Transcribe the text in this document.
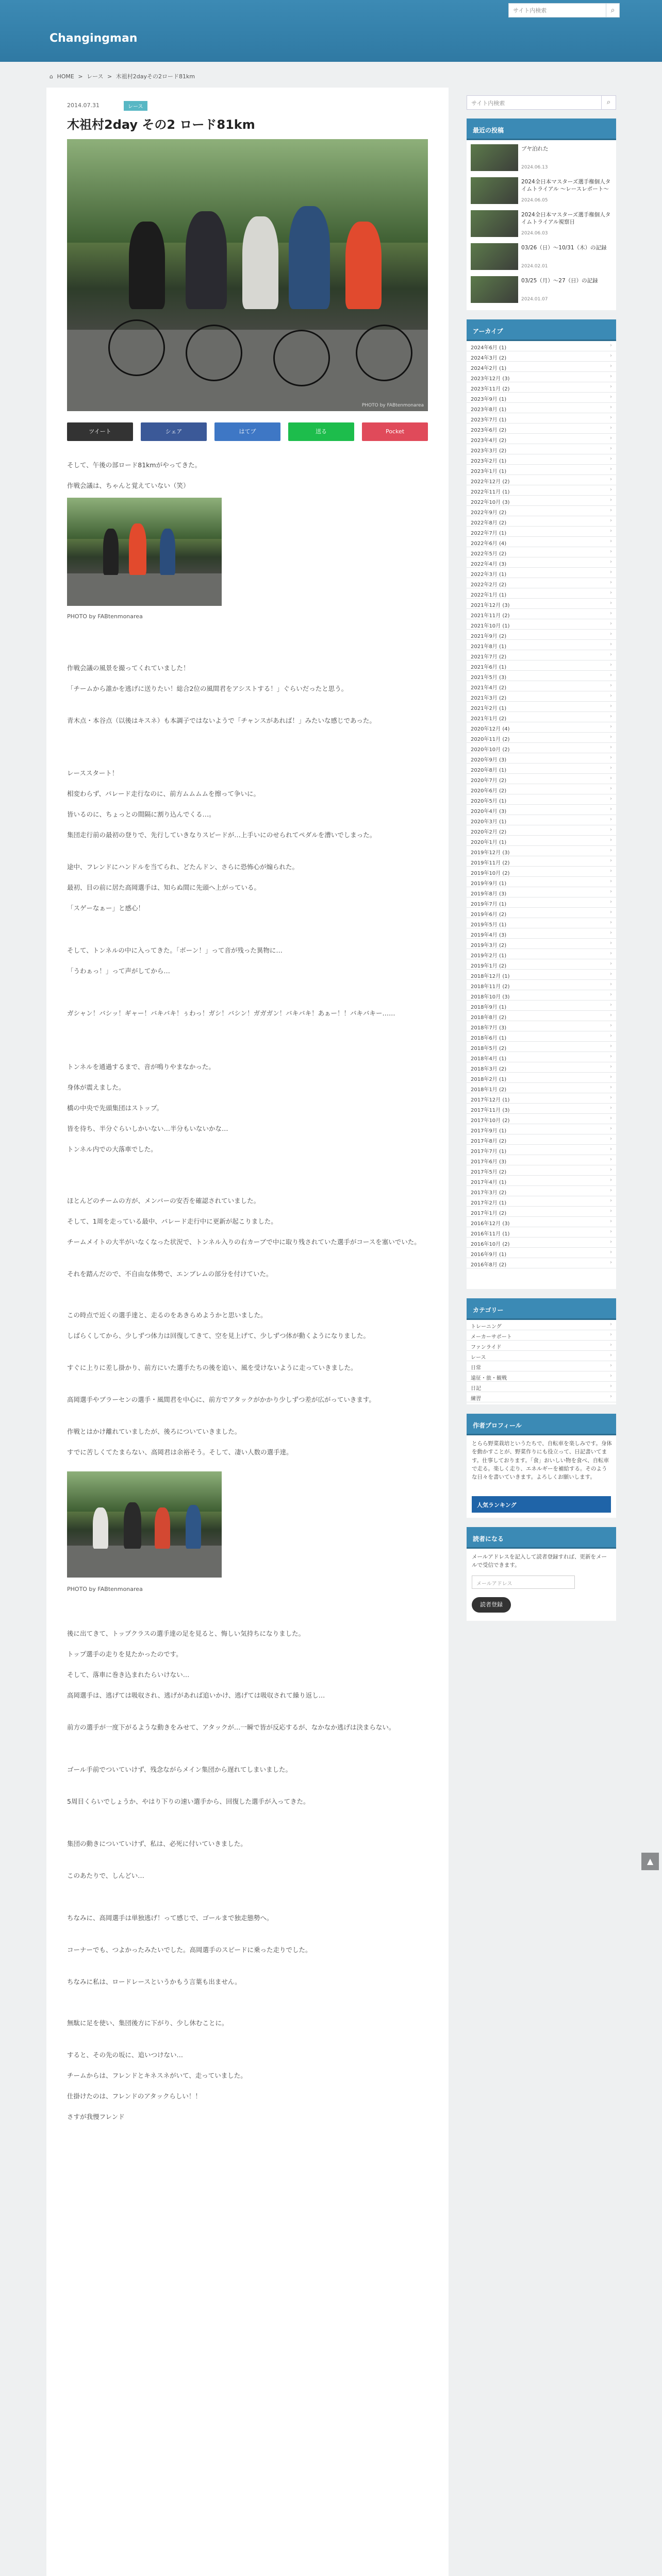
Changingman
サイト内検索	⌕
⌂ HOME > レース > 木祖村2dayその2ロード81km
2014.07.31	レース
木祖村2day その2 ロード81km
PHOTO by FABtenmonarea
ツイート	シェア	はてブ	送る	Pocket
そして、午後の部ロード81kmがやってきた。
作戦会議は、ちゃんと覚えていない（笑）
PHOTO by FABtenmonarea
作戦会議の風景を撮ってくれていました！
「チームから誰かを逃げに送りたい！総合2位の風間君をアシストする！」ぐらいだったと思う。
青木点・本谷点（以後はキスネ）も本調子ではないようで「チャンスがあれば！」みたいな感じであった。
レーススタート！
相変わらず、パレード走行なのに、前方ムムムムを擦って争いに。
皆いるのに、ちょっとの間隔に割り込んでくる…。
集団走行前の最初の登りで、先行していきなりスピードが…上手いにのせられてペダルを漕いでしまった。
途中、フレンドにハンドルを当てられ、どたんドン、さらに恐怖心が煽られた。
最初、目の前に居た高岡選手は、知らぬ間に先頭へ上がっている。
「スゲーなぁー」と感心！
そして、トンネルの中に入ってきた。「ボーン！」って音が残った異物に…
「うわぁっ！」って声がしてから…
ガシャン！バシッ！ギャー！バキバキ！ぅわっ！ガシ！バシン！ガガガン！バキバキ！あぁー！！バキバキー……
トンネルを通過するまで、音が鳴りやまなかった。
身体が震えました。
橋の中央で先頭集団はストップ。
皆を待ち、半分ぐらいしかいない…半分もいないかな…
トンネル内での大落車でした。
ほとんどのチームの方が、メンバーの安否を確認されていました。
そして、1周を走っている最中、パレード走行中に更新が起こりました。
チームメイトの大半がいなくなった状況で、トンネル入りの右カーブで中に取り残されていた選手がコースを塞いでいた。
それを踏んだので、不自由な体勢で、エンブレムの部分を付けていた。
この時点で近くの選手達と、走るのをあきらめようかと思いました。
しばらくしてから、少しずつ体力は回復してきて、空を見上げて、少しずつ体が動くようになりました。
すぐに上りに差し掛かり、前方にいた選手たちの後を追い、風を受けないように走っていきました。
高岡選手やブラーセンの選手・風間君を中心に、前方でアタックがかかり少しずつ差が広がっていきます。
作戦とはかけ離れていましたが、後ろについていきました。
すでに苦しくてたまらない、高岡君は余裕そう。そして、凄い人数の選手達。
PHOTO by FABtenmonarea
後に出てきて、トップクラスの選手達の足を見ると、悔しい気持ちになりました。
トップ選手の走りを見たかったのです。
そして、落車に巻き込まれたらいけない…
高岡選手は、逃げては吸収され、逃げがあれば追いかけ、逃げては吸収されて繰り返し…
前方の選手が一度下がるような動きをみせて、アタックが…一瞬で皆が反応するが、なかなか逃げは決まらない。
ゴール手前でついていけず、残念ながらメイン集団から遅れてしまいました。
5周目くらいでしょうか、やはり下りの速い選手から、回復した選手が入ってきた。
集団の動きについていけず、私は、必死に付いていきました。
このあたりで、しんどい…
ちなみに、高岡選手は単独逃げ！って感じで、ゴールまで独走態勢へ。
コーナーでも、つよかったみたいでした。高岡選手のスピードに乗った走りでした。
ちなみに私は、ロードレースというかもう言葉も出ません。
無駄に足を使い、集団後方に下がり、少し休むことに。
すると、その先の坂に、追いつけない…
チームからは、フレンドとキネスネがいて、走っていました。
仕掛けたのは、フレンドのアタックらしい！！
さすが我慢フレンド
サイト内検索	⌕
最近の投稿
ブヤ泊れた
2024.06.13
2024全日本マスターズ選手権個人タイムトライアル ～レースレポート～
2024.06.05
2024全日本マスターズ選手権個人タイムトライアル視察日
2024.06.03
03/26（日）〜10/31（木）の記録
2024.02.01
03/25（月）〜27（日）の記録
2024.01.07
アーカイブ
2024年6月 (1)	›
2024年3月 (2)	›
2024年2月 (1)	›
2023年12月 (3)	›
2023年11月 (2)	›
2023年9月 (1)	›
2023年8月 (1)	›
2023年7月 (1)	›
2023年6月 (2)	›
2023年4月 (2)	›
2023年3月 (2)	›
2023年2月 (1)	›
2023年1月 (1)	›
2022年12月 (2)	›
2022年11月 (1)	›
2022年10月 (3)	›
2022年9月 (2)	›
2022年8月 (2)	›
2022年7月 (1)	›
2022年6月 (4)	›
2022年5月 (2)	›
2022年4月 (3)	›
2022年3月 (1)	›
2022年2月 (2)	›
2022年1月 (1)	›
2021年12月 (3)	›
2021年11月 (2)	›
2021年10月 (1)	›
2021年9月 (2)	›
2021年8月 (1)	›
2021年7月 (2)	›
2021年6月 (1)	›
2021年5月 (3)	›
2021年4月 (2)	›
2021年3月 (2)	›
2021年2月 (1)	›
2021年1月 (2)	›
2020年12月 (4)	›
2020年11月 (2)	›
2020年10月 (2)	›
2020年9月 (3)	›
2020年8月 (1)	›
2020年7月 (2)	›
2020年6月 (2)	›
2020年5月 (1)	›
2020年4月 (3)	›
2020年3月 (1)	›
2020年2月 (2)	›
2020年1月 (1)	›
2019年12月 (3)	›
2019年11月 (2)	›
2019年10月 (2)	›
2019年9月 (1)	›
2019年8月 (3)	›
2019年7月 (1)	›
2019年6月 (2)	›
2019年5月 (1)	›
2019年4月 (3)	›
2019年3月 (2)	›
2019年2月 (1)	›
2019年1月 (2)	›
2018年12月 (1)	›
2018年11月 (2)	›
2018年10月 (3)	›
2018年9月 (1)	›
2018年8月 (2)	›
2018年7月 (3)	›
2018年6月 (1)	›
2018年5月 (2)	›
2018年4月 (1)	›
2018年3月 (2)	›
2018年2月 (1)	›
2018年1月 (2)	›
2017年12月 (1)	›
2017年11月 (3)	›
2017年10月 (2)	›
2017年9月 (1)	›
2017年8月 (2)	›
2017年7月 (1)	›
2017年6月 (3)	›
2017年5月 (2)	›
2017年4月 (1)	›
2017年3月 (2)	›
2017年2月 (1)	›
2017年1月 (2)	›
2016年12月 (3)	›
2016年11月 (1)	›
2016年10月 (2)	›
2016年9月 (1)	›
2016年8月 (2)	›
カテゴリー
トレーニング	›
メーカーサポート	›
ファンライド	›
レース	›
日常	›
遠征・旅・観戦	›
日記	›
練習	›
作者プロフィール
とらら野菜栽培というたちで、自転車を楽しみです。身体を動かすことが、野菜作りにも役立って、日記書いてます。仕事しております。「食」おいしい物を食べ、自転車で走る。楽しく走り、エネルギーを補給する。そのような日々を書いていきます。よろしくお願いします。
人気ランキング
読者になる
メールアドレスを記入して読者登録すれば、更新をメールで受信できます。
メールアドレス
読者登録
▲
